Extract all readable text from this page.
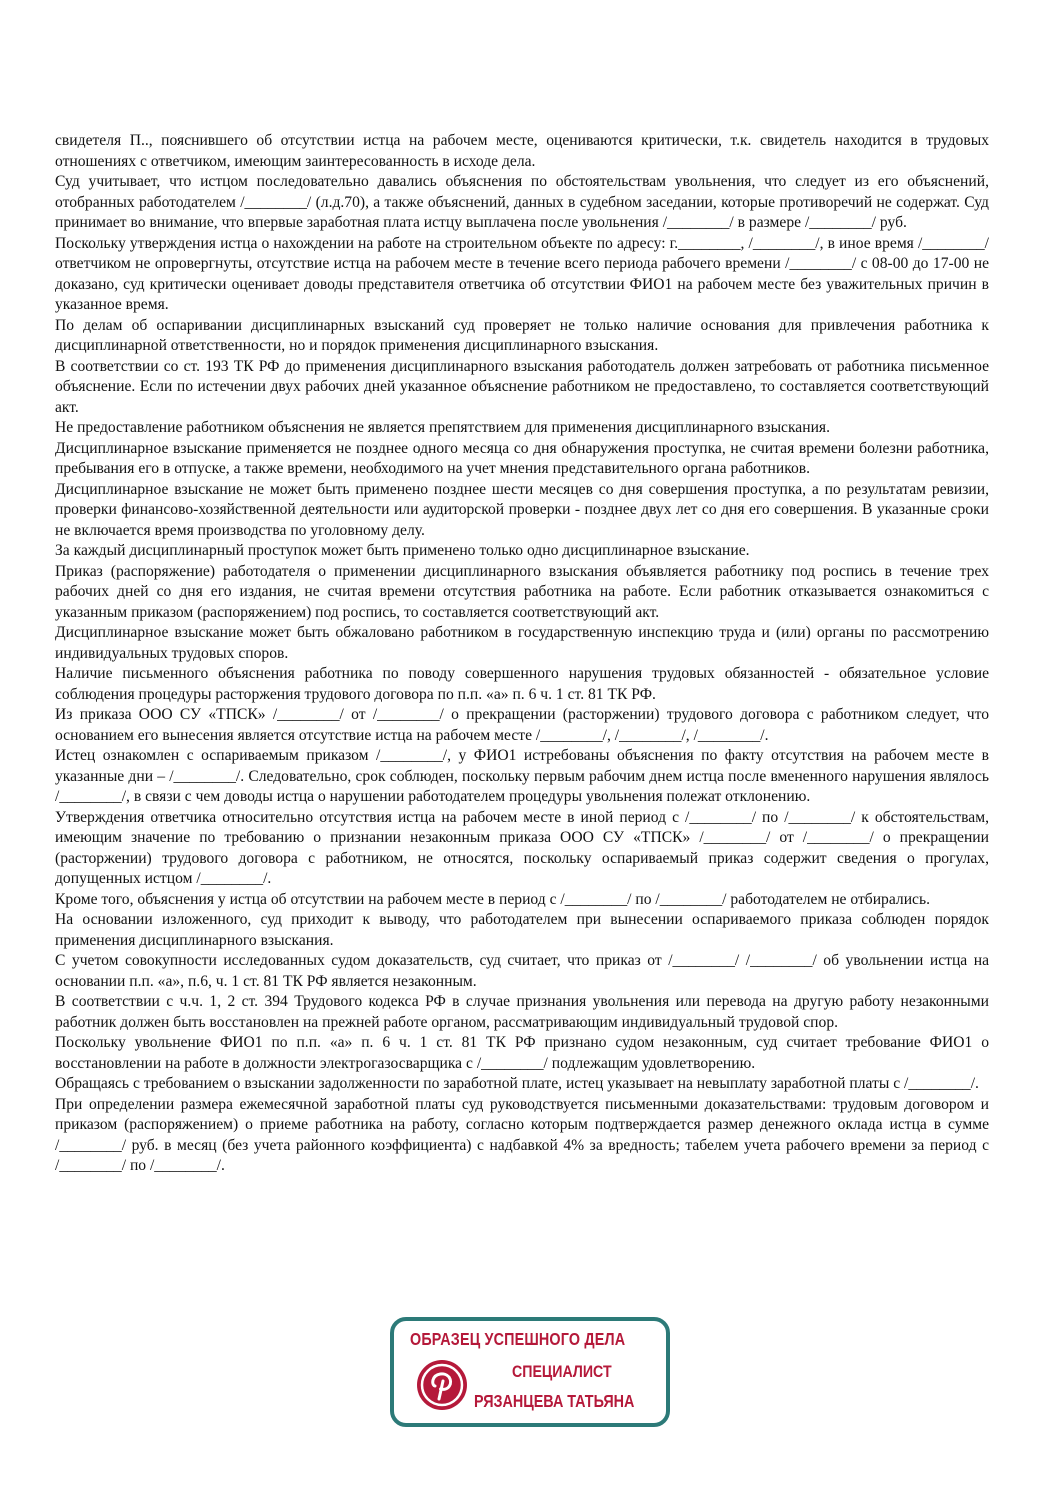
свидетеля П.., пояснившего об отсутствии истца на рабочем месте, оцениваются критически, т.к. свидетель находится в трудовых отношениях с ответчиком, имеющим заинтересованность в исходе дела.

Суд учитывает, что истцом последовательно давались объяснения по обстоятельствам увольнения, что следует из его объяснений, отобранных работодателем /________/ (л.д.70), а также объяснений, данных в судебном заседании, которые противоречий не содержат. Суд принимает во внимание, что впервые заработная плата истцу выплачена после увольнения /________/ в размере /________/ руб.

Поскольку утверждения истца о нахождении на работе на строительном объекте по адресу: г.________, /________/, в иное время /________/ ответчиком не опровергнуты, отсутствие истца на рабочем месте в течение всего периода рабочего времени /________/ с 08-00 до 17-00 не доказано, суд критически оценивает доводы представителя ответчика об отсутствии ФИО1 на рабочем месте без уважительных причин в указанное время.

По делам об оспаривании дисциплинарных взысканий суд проверяет не только наличие основания для привлечения работника к дисциплинарной ответственности, но и порядок применения дисциплинарного взыскания.

В соответствии со ст. 193 ТК РФ до применения дисциплинарного взыскания работодатель должен затребовать от работника письменное объяснение. Если по истечении двух рабочих дней указанное объяснение работником не предоставлено, то составляется соответствующий акт.

Не предоставление работником объяснения не является препятствием для применения дисциплинарного взыскания.

Дисциплинарное взыскание применяется не позднее одного месяца со дня обнаружения проступка, не считая времени болезни работника, пребывания его в отпуске, а также времени, необходимого на учет мнения представительного органа работников.

Дисциплинарное взыскание не может быть применено позднее шести месяцев со дня совершения проступка, а по результатам ревизии, проверки финансово-хозяйственной деятельности или аудиторской проверки - позднее двух лет со дня его совершения. В указанные сроки не включается время производства по уголовному делу.

За каждый дисциплинарный проступок может быть применено только одно дисциплинарное взыскание.

Приказ (распоряжение) работодателя о применении дисциплинарного взыскания объявляется работнику под роспись в течение трех рабочих дней со дня его издания, не считая времени отсутствия работника на работе. Если работник отказывается ознакомиться с указанным приказом (распоряжением) под роспись, то составляется соответствующий акт.

Дисциплинарное взыскание может быть обжаловано работником в государственную инспекцию труда и (или) органы по рассмотрению индивидуальных трудовых споров.

Наличие письменного объяснения работника по поводу совершенного нарушения трудовых обязанностей - обязательное условие соблюдения процедуры расторжения трудового договора по п.п. «а» п. 6 ч. 1 ст. 81 ТК РФ.

Из приказа ООО СУ «ТПСК» /________/ от /________/ о прекращении (расторжении) трудового договора с работником следует, что основанием его вынесения является отсутствие истца на рабочем месте /________/, /________/, /________/.

Истец ознакомлен с оспариваемым приказом /________/, у ФИО1 истребованы объяснения по факту отсутствия на рабочем месте в указанные дни – /________/. Следовательно, срок соблюден, поскольку первым рабочим днем истца после вмененного нарушения являлось /________/, в связи с чем доводы истца о нарушении работодателем процедуры увольнения полежат отклонению.

Утверждения ответчика относительно отсутствия истца на рабочем месте в иной период с /________/ по /________/ к обстоятельствам, имеющим значение по требованию о признании незаконным приказа ООО СУ «ТПСК» /________/ от /________/ о прекращении (расторжении) трудового договора с работником, не относятся, поскольку оспариваемый приказ содержит сведения о прогулах, допущенных истцом /________/.

Кроме того, объяснения у истца об отсутствии на рабочем месте в период с /________/ по /________/ работодателем не отбирались.

На основании изложенного, суд приходит к выводу, что работодателем при вынесении оспариваемого приказа соблюден порядок применения дисциплинарного взыскания.

С учетом совокупности исследованных судом доказательств, суд считает, что приказ от /________/ /________/ об увольнении истца на основании п.п. «а», п.6, ч. 1 ст. 81 ТК РФ является незаконным.

В соответствии с ч.ч. 1, 2 ст. 394 Трудового кодекса РФ в случае признания увольнения или перевода на другую работу незаконными работник должен быть восстановлен на прежней работе органом, рассматривающим индивидуальный трудовой спор.

Поскольку увольнение ФИО1 по п.п. «а» п. 6 ч. 1 ст. 81 ТК РФ признано судом незаконным, суд считает требование ФИО1 о восстановлении на работе в должности электрогазосварщика с /________/ подлежащим удовлетворению.

Обращаясь с требованием о взыскании задолженности по заработной плате, истец указывает на невыплату заработной платы с /________/.

При определении размера ежемесячной заработной платы суд руководствуется письменными доказательствами: трудовым договором и приказом (распоряжением) о приеме работника на работу, согласно которым подтверждается размер денежного оклада истца в сумме /________/ руб. в месяц (без учета районного коэффициента) с надбавкой 4% за вредность; табелем учета рабочего времени за период с /________/ по /________/.

ОБРАЗЕЦ УСПЕШНОГО ДЕЛА
СПЕЦИАЛИСТ
РЯЗАНЦЕВА ТАТЬЯНА
